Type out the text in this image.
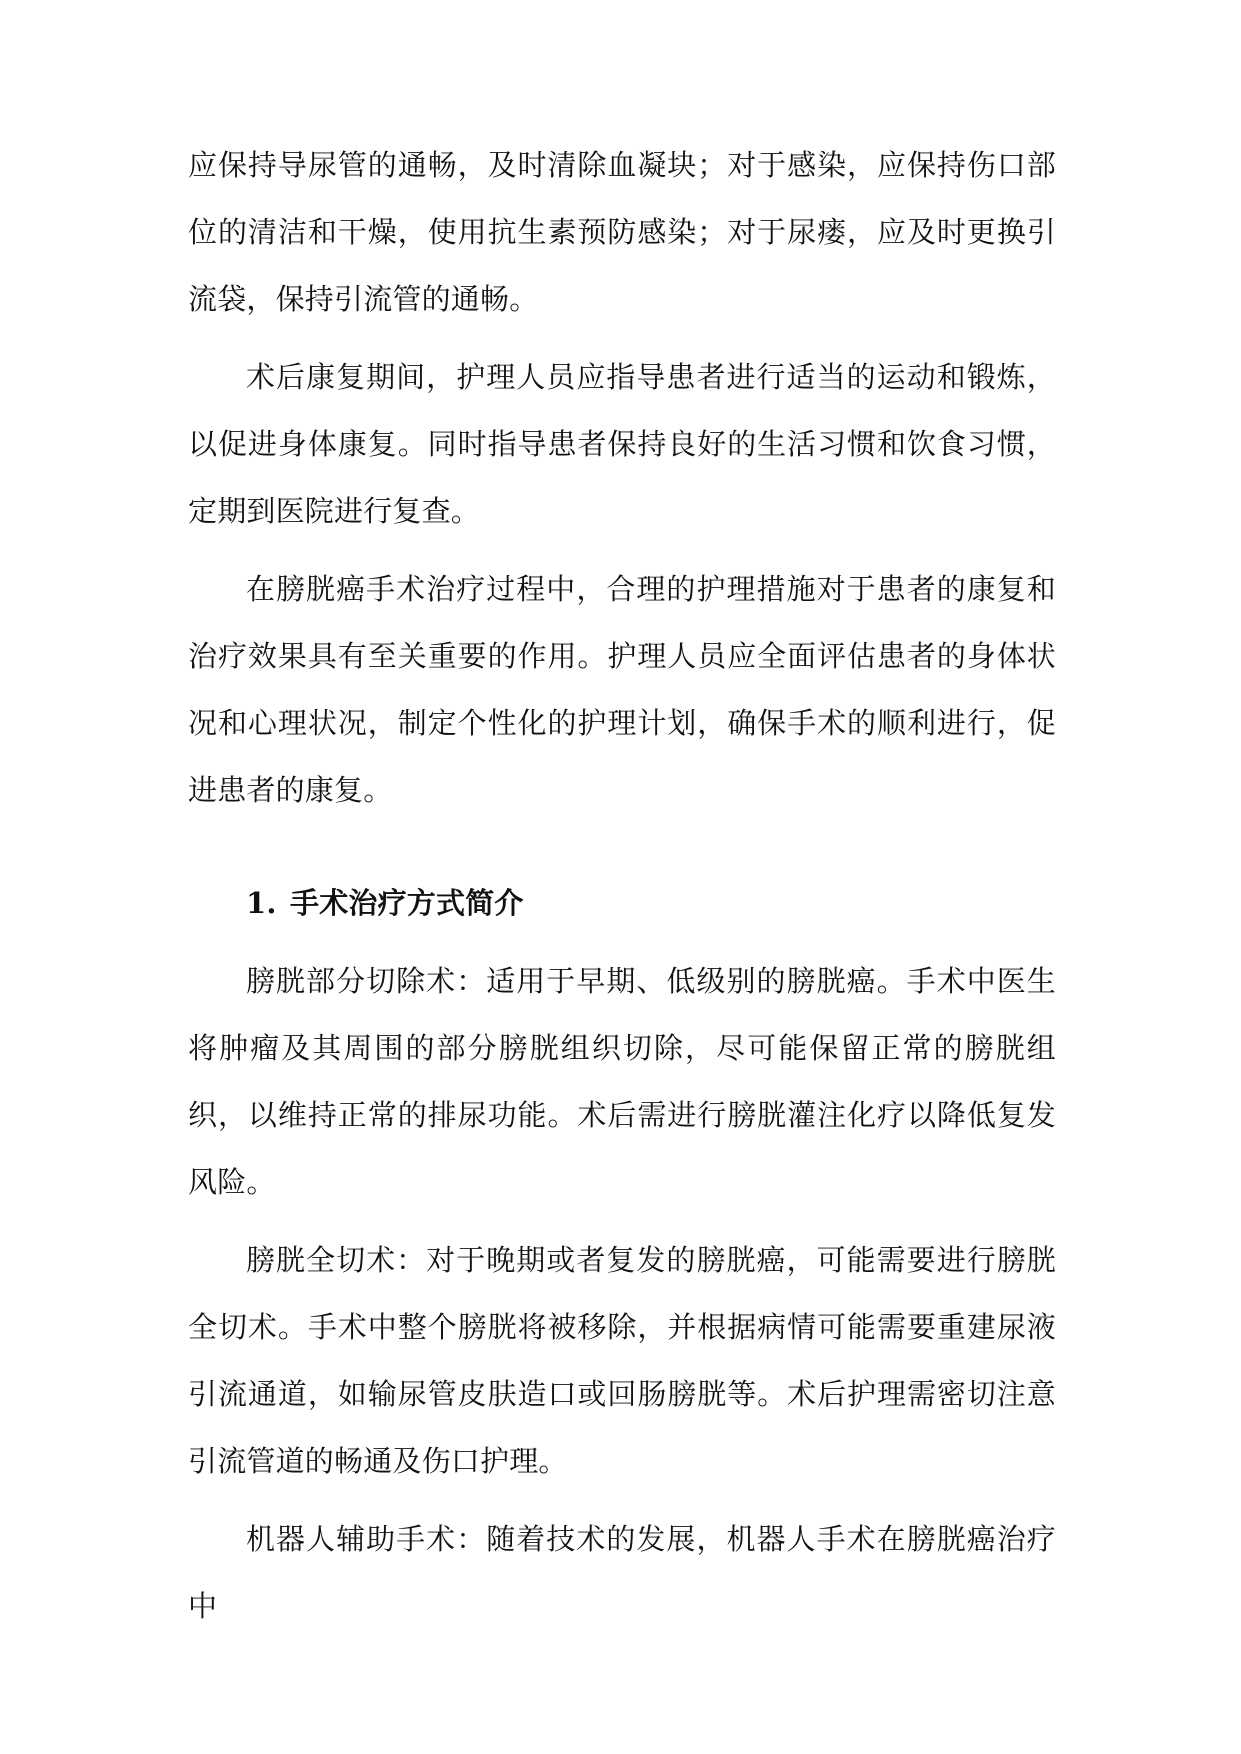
应保持导尿管的通畅，及时清除血凝块；对于感染，应保持伤口部位的清洁和干燥，使用抗生素预防感染；对于尿瘘，应及时更换引流袋，保持引流管的通畅。

术后康复期间，护理人员应指导患者进行适当的运动和锻炼，以促进身体康复。同时指导患者保持良好的生活习惯和饮食习惯，定期到医院进行复查。

在膀胱癌手术治疗过程中，合理的护理措施对于患者的康复和治疗效果具有至关重要的作用。护理人员应全面评估患者的身体状况和心理状况，制定个性化的护理计划，确保手术的顺利进行，促进患者的康复。

1. 手术治疗方式简介

膀胱部分切除术：适用于早期、低级别的膀胱癌。手术中医生将肿瘤及其周围的部分膀胱组织切除，尽可能保留正常的膀胱组织，以维持正常的排尿功能。术后需进行膀胱灌注化疗以降低复发风险。

膀胱全切术：对于晚期或者复发的膀胱癌，可能需要进行膀胱全切术。手术中整个膀胱将被移除，并根据病情可能需要重建尿液引流通道，如输尿管皮肤造口或回肠膀胱等。术后护理需密切注意引流管道的畅通及伤口护理。

机器人辅助手术：随着技术的发展，机器人手术在膀胱癌治疗中
